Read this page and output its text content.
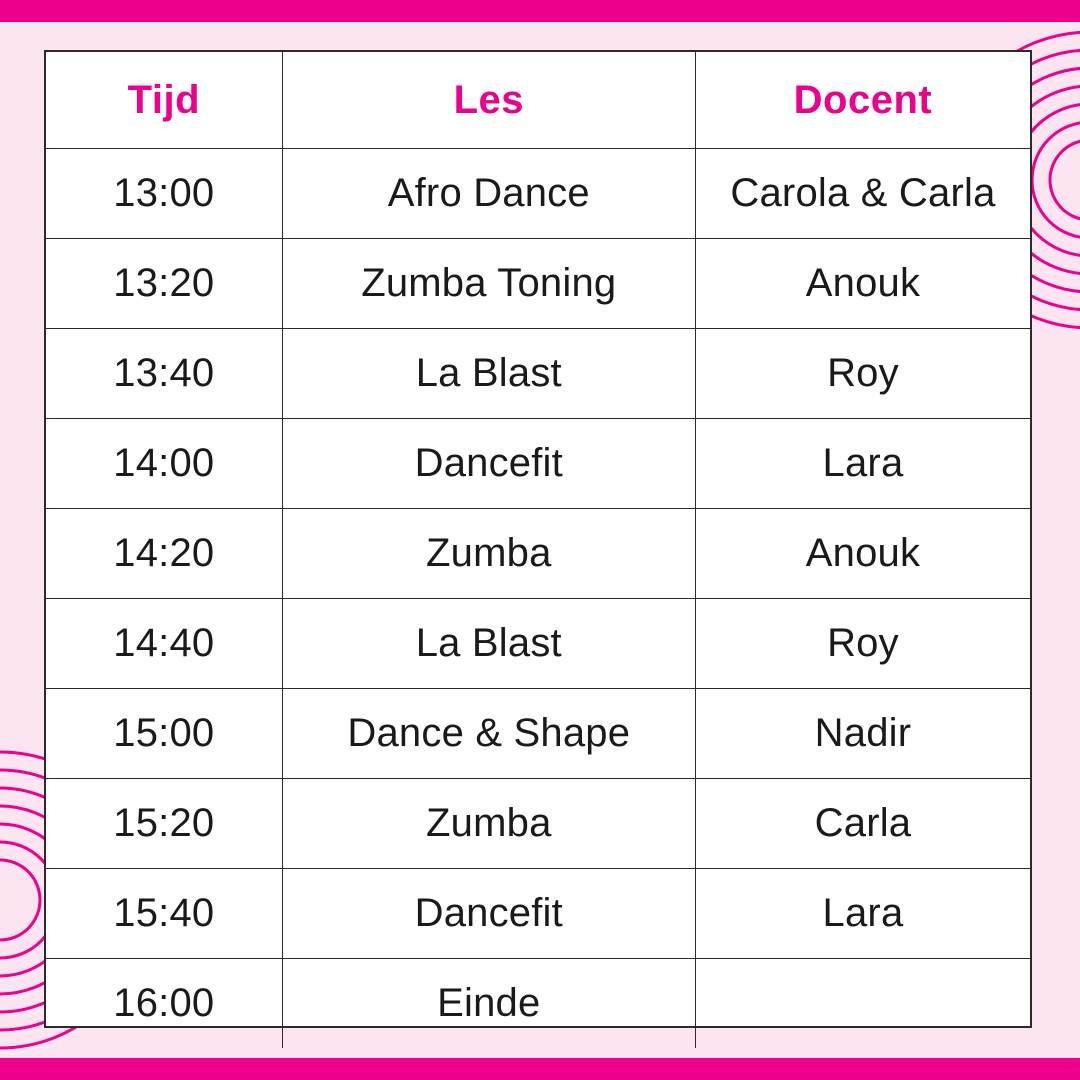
Tijd	Les	Docent
13:00	Afro Dance	Carola & Carla
13:20	Zumba Toning	Anouk
13:40	La Blast	Roy
14:00	Dancefit	Lara
14:20	Zumba	Anouk
14:40	La Blast	Roy
15:00	Dance & Shape	Nadir
15:20	Zumba	Carla
15:40	Dancefit	Lara
16:00	Einde	
